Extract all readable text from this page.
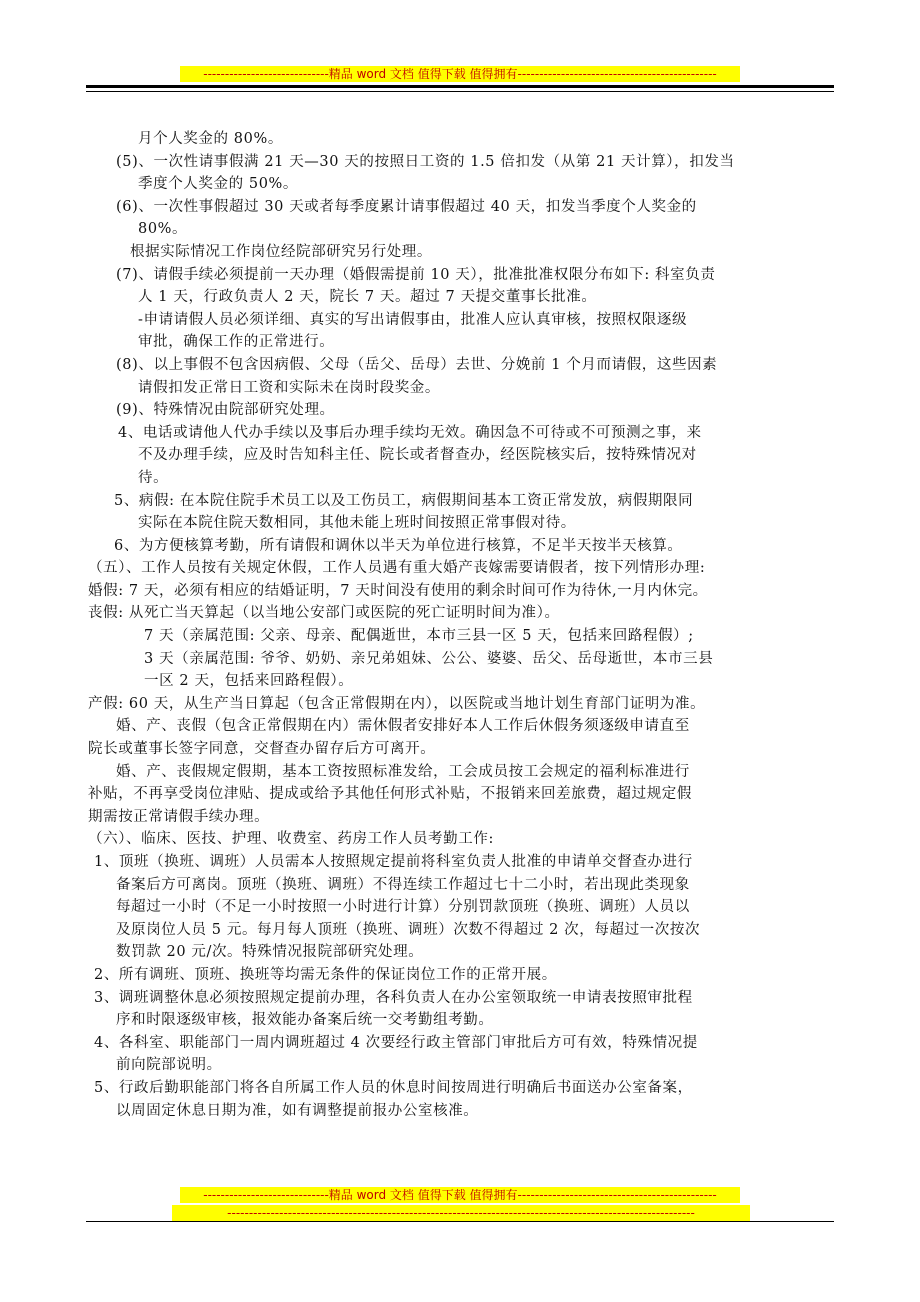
-----------------------------精品 word 文档 值得下载 值得拥有----------------------------------------------

月个人奖金的 80%。

(5)、一次性请事假满 21 天—30 天的按照日工资的 1.5 倍扣发（从第 21 天计算），扣发当

季度个人奖金的 50%。

(6)、一次性事假超过 30 天或者每季度累计请事假超过 40 天，扣发当季度个人奖金的

80%。

根据实际情况工作岗位经院部研究另行处理。

(7)、请假手续必须提前一天办理（婚假需提前 10 天），批准批准权限分布如下: 科室负责

人 1 天，行政负责人 2 天，院长 7 天。超过 7 天提交董事长批准。

-申请请假人员必须详细、真实的写出请假事由，批准人应认真审核，按照权限逐级

审批，确保工作的正常进行。

(8)、以上事假不包含因病假、父母（岳父、岳母）去世、分娩前 1 个月而请假，这些因素

请假扣发正常日工资和实际未在岗时段奖金。

(9)、特殊情况由院部研究处理。

4、电话或请他人代办手续以及事后办理手续均无效。确因急不可待或不可预测之事，来

不及办理手续，应及时告知科主任、院长或者督查办，经医院核实后，按特殊情况对

待。

5、病假: 在本院住院手术员工以及工伤员工，病假期间基本工资正常发放，病假期限同

实际在本院住院天数相同，其他未能上班时间按照正常事假对待。

6、为方便核算考勤，所有请假和调休以半天为单位进行核算，不足半天按半天核算。

（五）、工作人员按有关规定休假，工作人员遇有重大婚产丧嫁需要请假者，按下列情形办理:

婚假: 7 天，必须有相应的结婚证明，7 天时间没有使用的剩余时间可作为待休,一月内休完。

丧假: 从死亡当天算起（以当地公安部门或医院的死亡证明时间为准）。

7 天（亲属范围: 父亲、母亲、配偶逝世，本市三县一区 5 天，包括来回路程假）;

3 天（亲属范围: 爷爷、奶奶、亲兄弟姐妹、公公、婆婆、岳父、岳母逝世，本市三县

一区 2 天，包括来回路程假）。

产假: 60 天，从生产当日算起（包含正常假期在内），以医院或当地计划生育部门证明为准。

婚、产、丧假（包含正常假期在内）需休假者安排好本人工作后休假务须逐级申请直至

院长或董事长签字同意，交督查办留存后方可离开。

婚、产、丧假规定假期，基本工资按照标准发给，工会成员按工会规定的福利标准进行

补贴，不再享受岗位津贴、提成或给予其他任何形式补贴，不报销来回差旅费，超过规定假

期需按正常请假手续办理。

（六）、临床、医技、护理、收费室、药房工作人员考勤工作:

1、顶班（换班、调班）人员需本人按照规定提前将科室负责人批准的申请单交督查办进行

备案后方可离岗。顶班（换班、调班）不得连续工作超过七十二小时，若出现此类现象

每超过一小时（不足一小时按照一小时进行计算）分别罚款顶班（换班、调班）人员以

及原岗位人员 5 元。每月每人顶班（换班、调班）次数不得超过 2 次，每超过一次按次

数罚款 20 元/次。特殊情况报院部研究处理。

2、所有调班、顶班、换班等均需无条件的保证岗位工作的正常开展。

3、调班调整休息必须按照规定提前办理，各科负责人在办公室领取统一申请表按照审批程

序和时限逐级审核，报效能办备案后统一交考勤组考勤。

4、各科室、职能部门一周内调班超过 4 次要经行政主管部门审批后方可有效，特殊情况提

前向院部说明。

5、行政后勤职能部门将各自所属工作人员的休息时间按周进行明确后书面送办公室备案，

以周固定休息日期为准，如有调整提前报办公室核准。

-----------------------------精品 word 文档 值得下载 值得拥有----------------------------------------------
------------------------------------------------------------------------------------------------------------
